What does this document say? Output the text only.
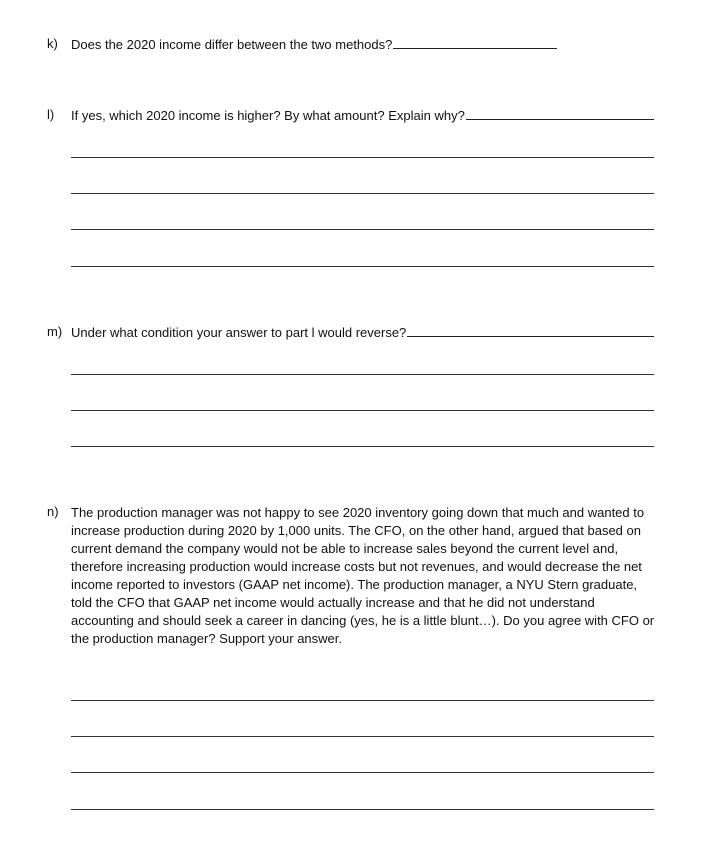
k) Does the 2020 income differ between the two methods?
l) If yes, which 2020 income is higher? By what amount? Explain why?
m) Under what condition your answer to part l would reverse?
n) The production manager was not happy to see 2020 inventory going down that much and wanted to increase production during 2020 by 1,000 units. The CFO, on the other hand, argued that based on current demand the company would not be able to increase sales beyond the current level and, therefore increasing production would increase costs but not revenues, and would decrease the net income reported to investors (GAAP net income). The production manager, a NYU Stern graduate, told the CFO that GAAP net income would actually increase and that he did not understand accounting and should seek a career in dancing (yes, he is a little blunt…). Do you agree with CFO or the production manager? Support your answer.
